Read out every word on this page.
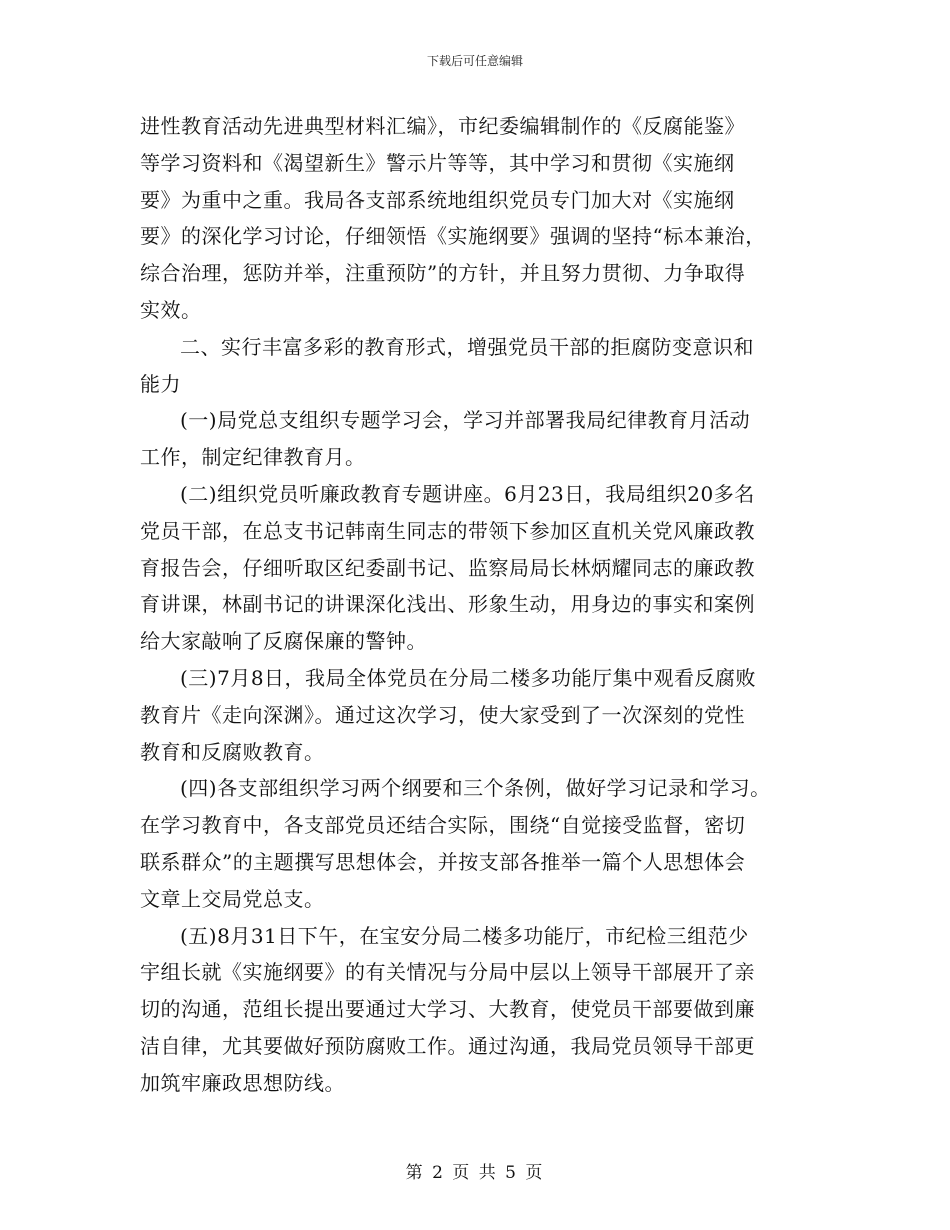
下载后可任意编辑
进性教育活动先进典型材料汇编》，市纪委编辑制作的《反腐能鉴》
等学习资料和《渴望新生》警示片等等，其中学习和贯彻《实施纲
要》为重中之重。我局各支部系统地组织党员专门加大对《实施纲
要》的深化学习讨论，仔细领悟《实施纲要》强调的坚持“标本兼治，
综合治理，惩防并举，注重预防”的方针，并且努力贯彻、力争取得
实效。
二、实行丰富多彩的教育形式，增强党员干部的拒腐防变意识和
能力
(一)局党总支组织专题学习会，学习并部署我局纪律教育月活动
工作，制定纪律教育月。
(二)组织党员听廉政教育专题讲座。6月23日，我局组织20多名
党员干部，在总支书记韩南生同志的带领下参加区直机关党风廉政教
育报告会，仔细听取区纪委副书记、监察局局长林炳耀同志的廉政教
育讲课，林副书记的讲课深化浅出、形象生动，用身边的事实和案例
给大家敲响了反腐保廉的警钟。
(三)7月8日，我局全体党员在分局二楼多功能厅集中观看反腐败
教育片《走向深渊》。通过这次学习，使大家受到了一次深刻的党性
教育和反腐败教育。
(四)各支部组织学习两个纲要和三个条例，做好学习记录和学习。
在学习教育中，各支部党员还结合实际，围绕“自觉接受监督，密切
联系群众”的主题撰写思想体会，并按支部各推举一篇个人思想体会
文章上交局党总支。
(五)8月31日下午，在宝安分局二楼多功能厅，市纪检三组范少
宇组长就《实施纲要》的有关情况与分局中层以上领导干部展开了亲
切的沟通，范组长提出要通过大学习、大教育，使党员干部要做到廉
洁自律，尤其要做好预防腐败工作。通过沟通，我局党员领导干部更
加筑牢廉政思想防线。
第 2 页 共 5 页
